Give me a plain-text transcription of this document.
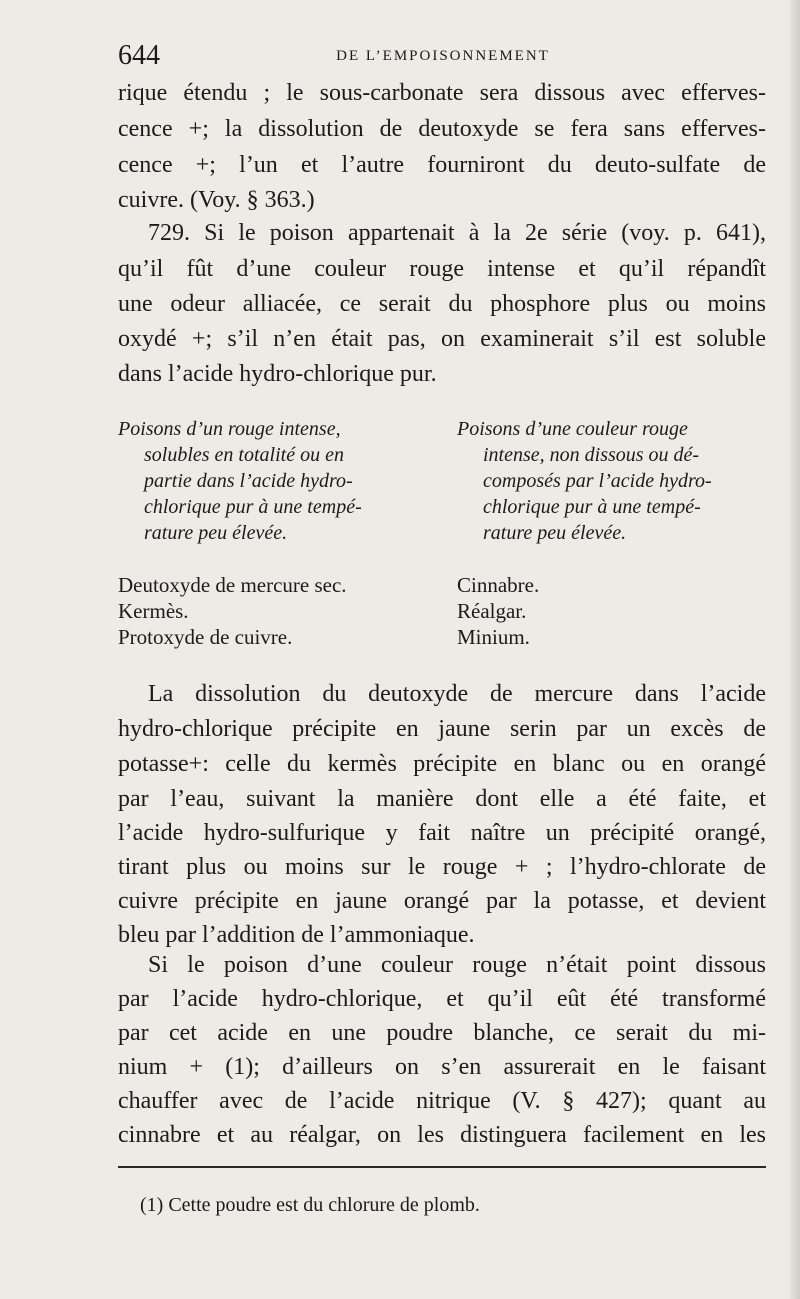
644	DE L’EMPOISONNEMENT
rique étendu ; le sous-carbonate sera dissous avec efferves-
cence +; la dissolution de deutoxyde se fera sans efferves-
cence +; l’un et l’autre fourniront du deuto-sulfate de
cuivre. (Voy. § 363.)
729. Si le poison appartenait à la 2e série (voy. p. 641),
qu’il fût d’une couleur rouge intense et qu’il répandît
une odeur alliacée, ce serait du phosphore plus ou moins
oxydé +; s’il n’en était pas, on examinerait s’il est soluble
dans l’acide hydro-chlorique pur.
Poisons d’un rouge intense,
solubles en totalité ou en
partie dans l’acide hydro-
chlorique pur à une tempé-
rature peu élevée.
Poisons d’une couleur rouge
intense, non dissous ou dé-
composés par l’acide hydro-
chlorique pur à une tempé-
rature peu élevée.
Deutoxyde de mercure sec.
Kermès.
Protoxyde de cuivre.
Cinnabre.
Réalgar.
Minium.
La dissolution du deutoxyde de mercure dans l’acide
hydro-chlorique précipite en jaune serin par un excès de
potasse+: celle du kermès précipite en blanc ou en orangé
par l’eau, suivant la manière dont elle a été faite, et
l’acide hydro-sulfurique y fait naître un précipité orangé,
tirant plus ou moins sur le rouge + ; l’hydro-chlorate de
cuivre précipite en jaune orangé par la potasse, et devient
bleu par l’addition de l’ammoniaque.
Si le poison d’une couleur rouge n’était point dissous
par l’acide hydro-chlorique, et qu’il eût été transformé
par cet acide en une poudre blanche, ce serait du mi-
nium + (1); d’ailleurs on s’en assurerait en le faisant
chauffer avec de l’acide nitrique (V. § 427); quant au
cinnabre et au réalgar, on les distinguera facilement en les
(1) Cette poudre est du chlorure de plomb.
